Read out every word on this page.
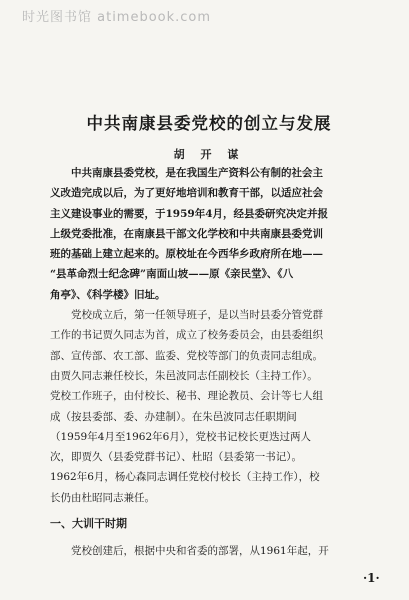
时光图书馆 atimebook.com
中共南康县委党校的创立与发展
胡 开 谋
　　中共南康县委党校，是在我国生产资料公有制的社会主
义改造完成以后，为了更好地培训和教育干部，以适应社会
主义建设事业的需要，于1959年4月，经县委研究决定并报
上级党委批准，在南康县干部文化学校和中共南康县委党训
班的基础上建立起来的。原校址在今西华乡政府所在地——
“县革命烈士纪念碑”南面山坡——原《亲民堂》、《八
角亭》、《科学楼》旧址。
　　党校成立后，第一任领导班子，是以当时县委分管党群
工作的书记贾久同志为首，成立了校务委员会，由县委组织
部、宣传部、农工部、监委、党校等部门的负责同志组成。
由贾久同志兼任校长，朱邑波同志任副校长（主持工作）。
党校工作班子，由付校长、秘书、理论教员、会计等七人组
成（按县委部、委、办建制）。在朱邑波同志任职期间
（1959年4月至1962年6月），党校书记校长更迭过两人
次，即贾久（县委党群书记）、杜昭（县委第一书记）。
1962年6月，杨心森同志调任党校付校长（主持工作），校
长仍由杜昭同志兼任。
一、大训干时期
　　党校创建后，根据中央和省委的部署，从1961年起，开
·1·
